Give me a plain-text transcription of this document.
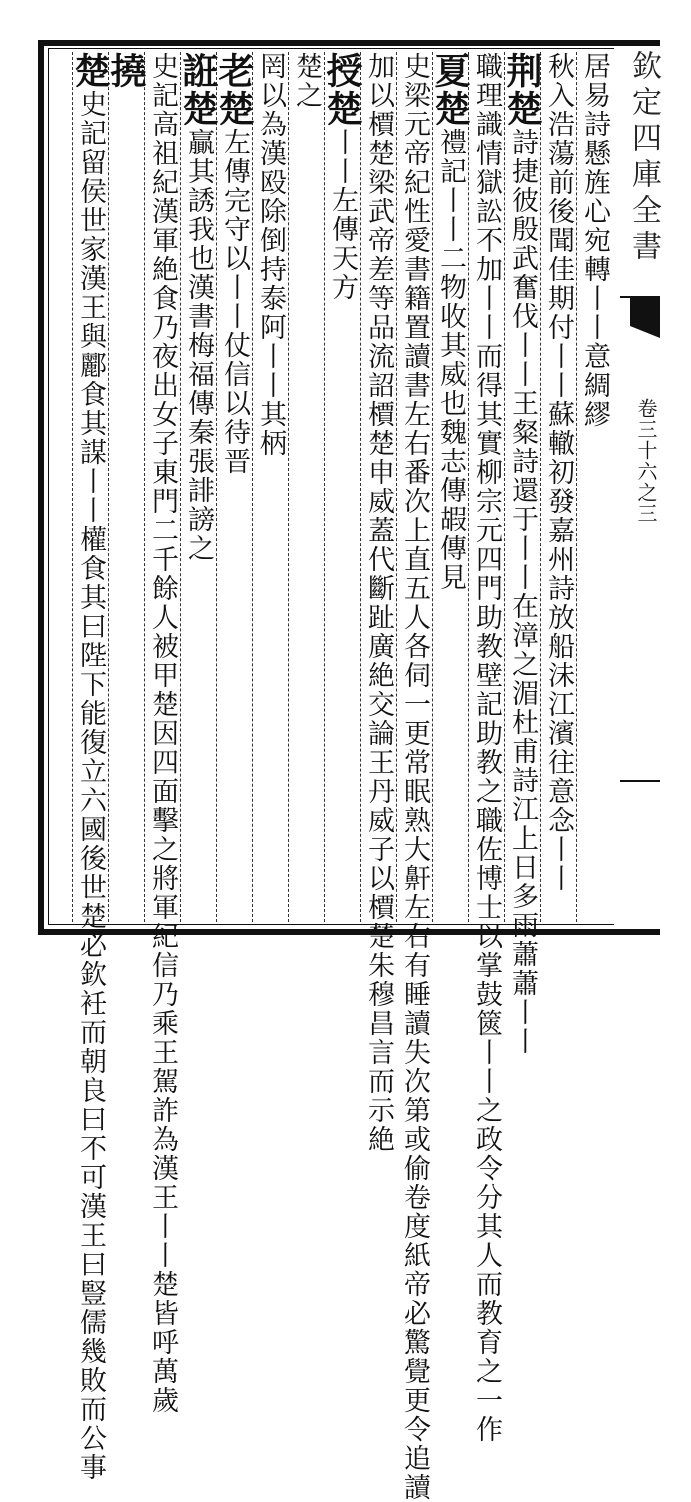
欽定四庫全書
卷三十六之三
居易詩懸旌心宛轉丨丨意綢繆
秋入浩蕩前後聞佳期付丨丨蘇轍初發嘉州詩放船沬江濱往意念丨丨
荆楚詩捷彼殷武奮伐丨丨王粲詩還于丨丨在漳之湄杜甫詩江上日多雨蕭蕭丨丨
職理識情獄訟不加丨丨而得其實柳宗元四門助教壁記助教之職佐博士以掌鼓篋丨丨之政令分其人而教育之一作
夏楚禮記丨丨二物收其威也魏志傳嘏傳見
史梁元帝紀性愛書籍置讀書左右番次上直五人各伺一更常眠熟大鼾左右有睡讀失次第或偷卷度紙帝必驚覺更令追讀
加以檟楚梁武帝差等品流詔檟楚申威蓋代斷趾廣絶交論王丹威子以檟楚朱穆昌言而示絶
授楚丨丨左傳天方
楚之
罔以為漢殴除倒持泰阿丨丨其柄
老楚左傳完守以丨丨仗信以待晋
誑楚贏其誘我也漢書梅福傳秦張誹謗之
史記高祖紀漢軍絶食乃夜出女子東門二千餘人被甲楚因四面擊之將軍紀信乃乘王駕詐為漢王丨丨楚皆呼萬歲
撓
楚史記留侯世家漢王與酈食其謀丨丨權食其曰陛下能復立六國後世楚必欽衽而朝良曰不可漢王曰豎儒幾敗而公事
